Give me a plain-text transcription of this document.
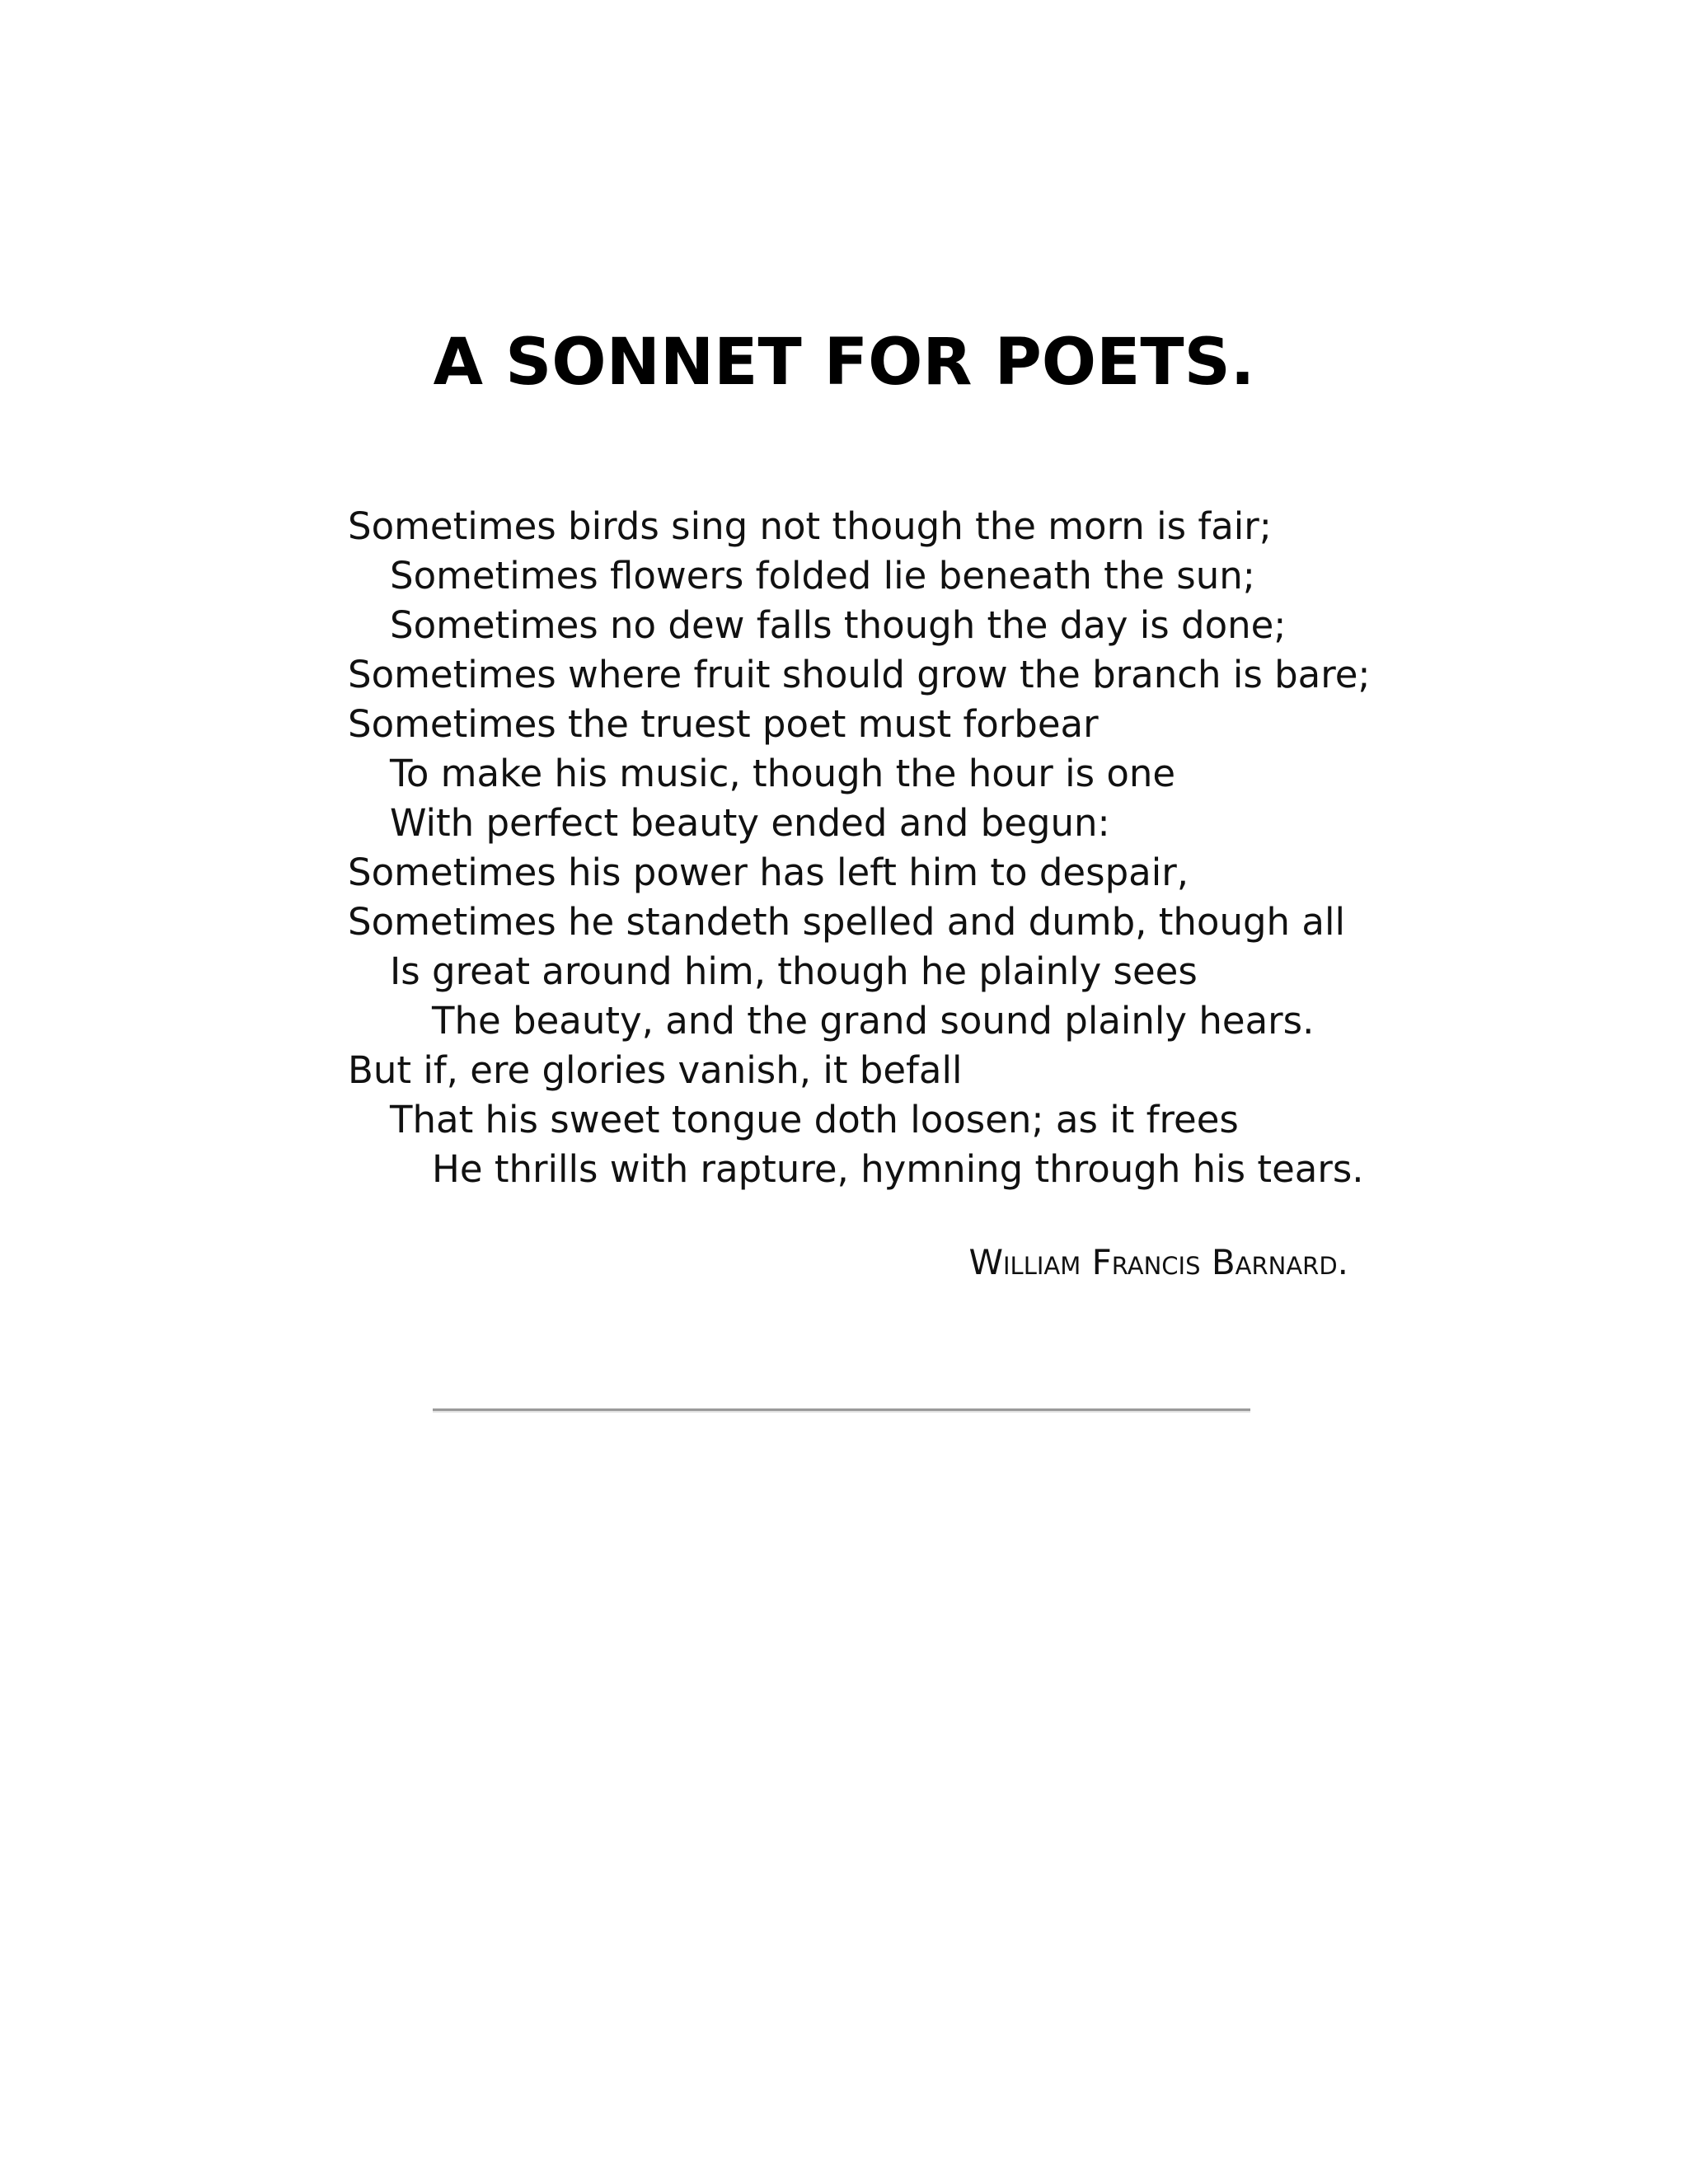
A SONNET FOR POETS.
Sometimes birds sing not though the morn is fair;
Sometimes flowers folded lie beneath the sun;
Sometimes no dew falls though the day is done;
Sometimes where fruit should grow the branch is bare;
Sometimes the truest poet must forbear
To make his music, though the hour is one
With perfect beauty ended and begun:
Sometimes his power has left him to despair,
Sometimes he standeth spelled and dumb, though all
Is great around him, though he plainly sees
The beauty, and the grand sound plainly hears.
But if, ere glories vanish, it befall
That his sweet tongue doth loosen; as it frees
He thrills with rapture, hymning through his tears.

William Francis Barnard.
